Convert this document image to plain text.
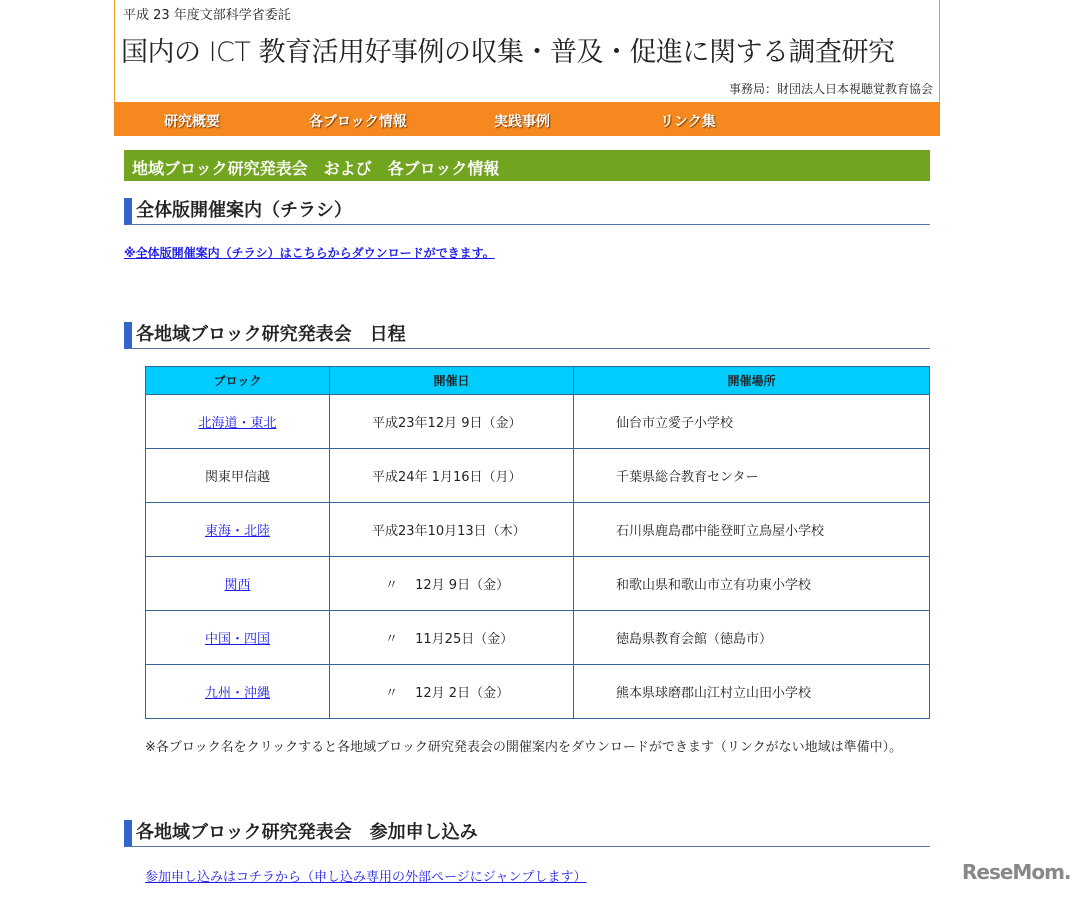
平成 23 年度文部科学省委託
国内の ICT 教育活用好事例の収集・普及・促進に関する調査研究
事務局：財団法人日本視聴覚教育協会
研究概要	各ブロック情報	実践事例	リンク集
地域ブロック研究発表会　および　各ブロック情報
全体版開催案内（チラシ）
※全体版開催案内（チラシ）はこちらからダウンロードができます。
各地域ブロック研究発表会　日程
ブロック	開催日	開催場所
北海道・東北	平成23年12月 9日（金）	仙台市立愛子小学校
関東甲信越	平成24年 1月16日（月）	千葉県総合教育センター
東海・北陸	平成23年10月13日（木）	石川県鹿島郡中能登町立鳥屋小学校
関西	　〃　 12月 9日（金）	和歌山県和歌山市立有功東小学校
中国・四国	　〃　 11月25日（金）	徳島県教育会館（徳島市）
九州・沖縄	　〃　 12月 2日（金）	熊本県球磨郡山江村立山田小学校
※各ブロック名をクリックすると各地域ブロック研究発表会の開催案内をダウンロードができます（リンクがない地域は準備中）。
各地域ブロック研究発表会　参加申し込み
参加申し込みはコチラから（申し込み専用の外部ページにジャンプします）	ReseMom.
